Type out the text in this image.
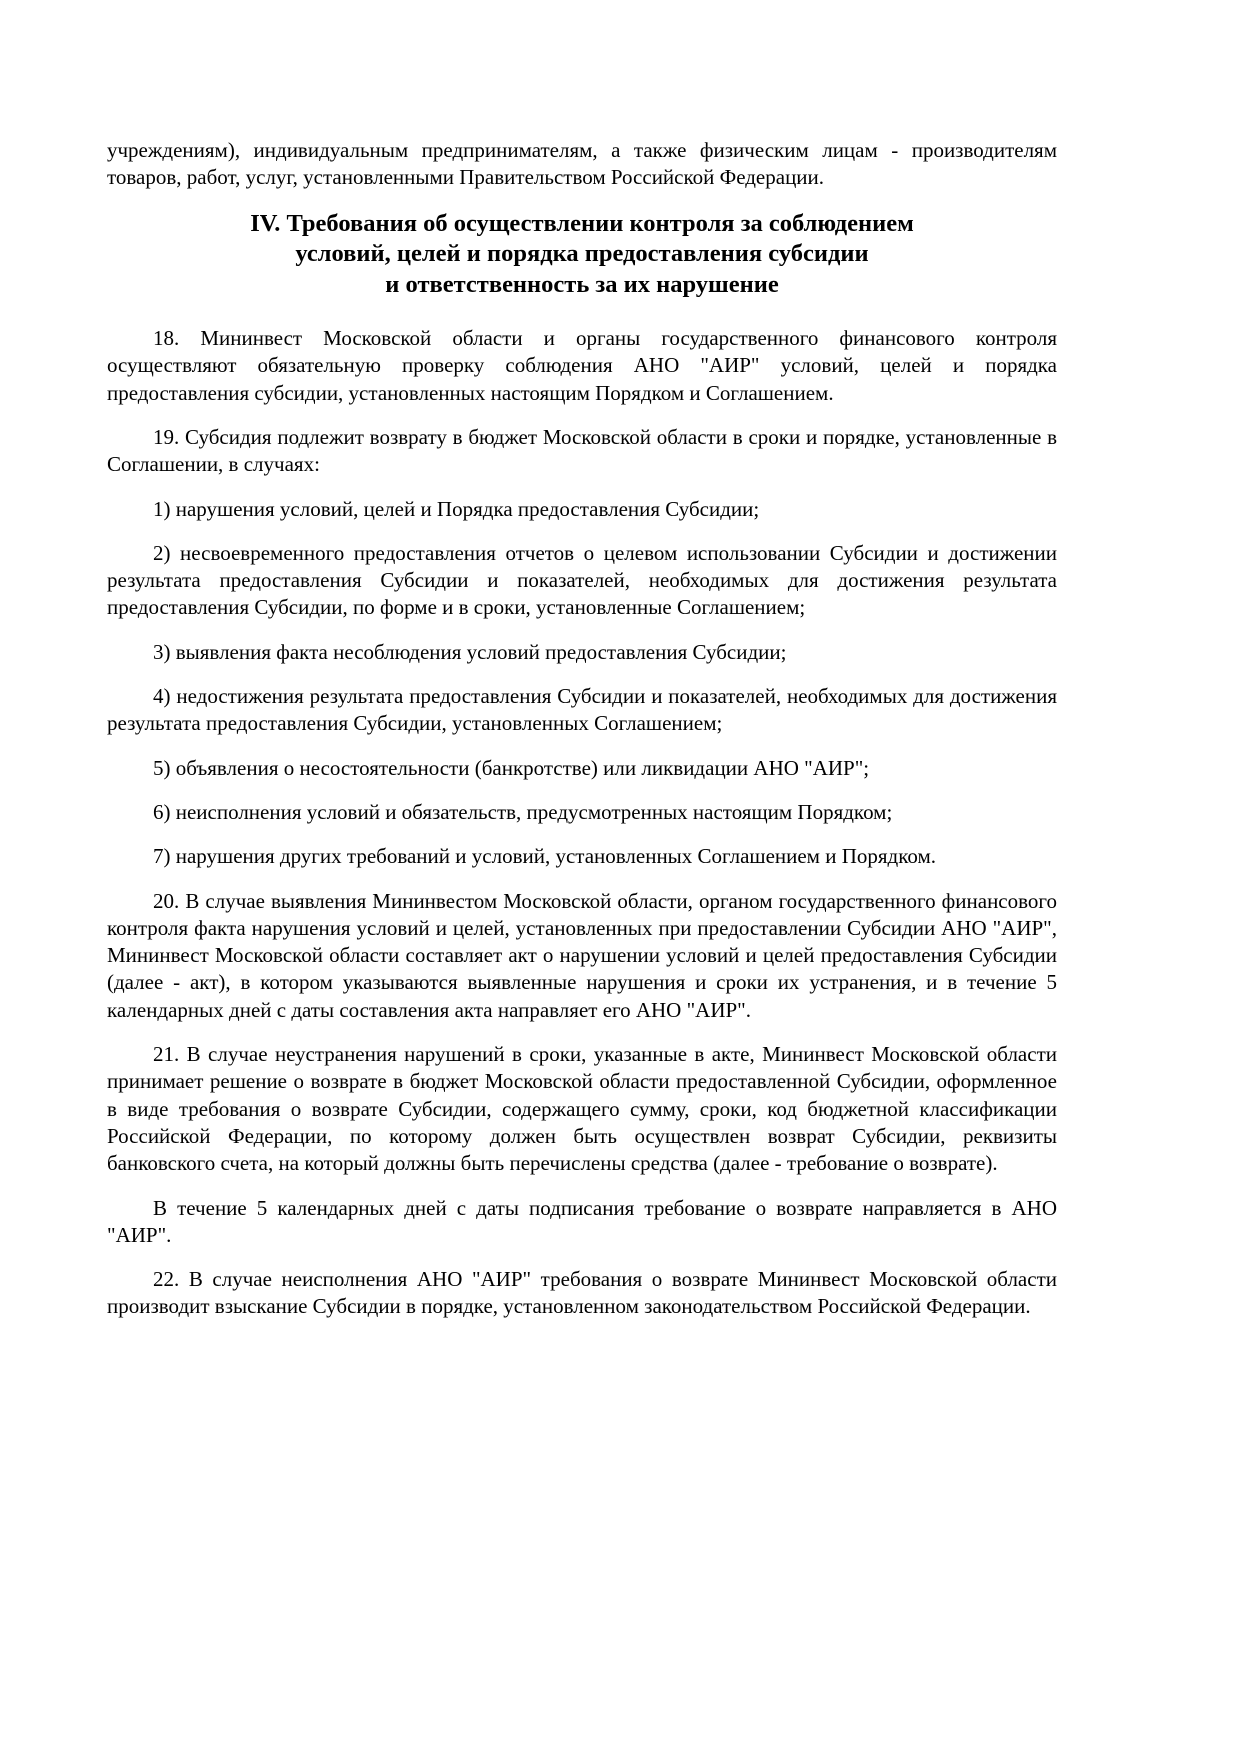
учреждениям), индивидуальным предпринимателям, а также физическим лицам - производителям товаров, работ, услуг, установленными Правительством Российской Федерации.

IV. Требования об осуществлении контроля за соблюдением
условий, целей и порядка предоставления субсидии
и ответственность за их нарушение

18. Мининвест Московской области и органы государственного финансового контроля осуществляют обязательную проверку соблюдения АНО "АИР" условий, целей и порядка предоставления субсидии, установленных настоящим Порядком и Соглашением.

19. Субсидия подлежит возврату в бюджет Московской области в сроки и порядке, установленные в Соглашении, в случаях:

1) нарушения условий, целей и Порядка предоставления Субсидии;

2) несвоевременного предоставления отчетов о целевом использовании Субсидии и достижении результата предоставления Субсидии и показателей, необходимых для достижения результата предоставления Субсидии, по форме и в сроки, установленные Соглашением;

3) выявления факта несоблюдения условий предоставления Субсидии;

4) недостижения результата предоставления Субсидии и показателей, необходимых для достижения результата предоставления Субсидии, установленных Соглашением;

5) объявления о несостоятельности (банкротстве) или ликвидации АНО "АИР";

6) неисполнения условий и обязательств, предусмотренных настоящим Порядком;

7) нарушения других требований и условий, установленных Соглашением и Порядком.

20. В случае выявления Мининвестом Московской области, органом государственного финансового контроля факта нарушения условий и целей, установленных при предоставлении Субсидии АНО "АИР", Мининвест Московской области составляет акт о нарушении условий и целей предоставления Субсидии (далее - акт), в котором указываются выявленные нарушения и сроки их устранения, и в течение 5 календарных дней с даты составления акта направляет его АНО "АИР".

21. В случае неустранения нарушений в сроки, указанные в акте, Мининвест Московской области принимает решение о возврате в бюджет Московской области предоставленной Субсидии, оформленное в виде требования о возврате Субсидии, содержащего сумму, сроки, код бюджетной классификации Российской Федерации, по которому должен быть осуществлен возврат Субсидии, реквизиты банковского счета, на который должны быть перечислены средства (далее - требование о возврате).

В течение 5 календарных дней с даты подписания требование о возврате направляется в АНО "АИР".

22. В случае неисполнения АНО "АИР" требования о возврате Мининвест Московской области производит взыскание Субсидии в порядке, установленном законодательством Российской Федерации.
